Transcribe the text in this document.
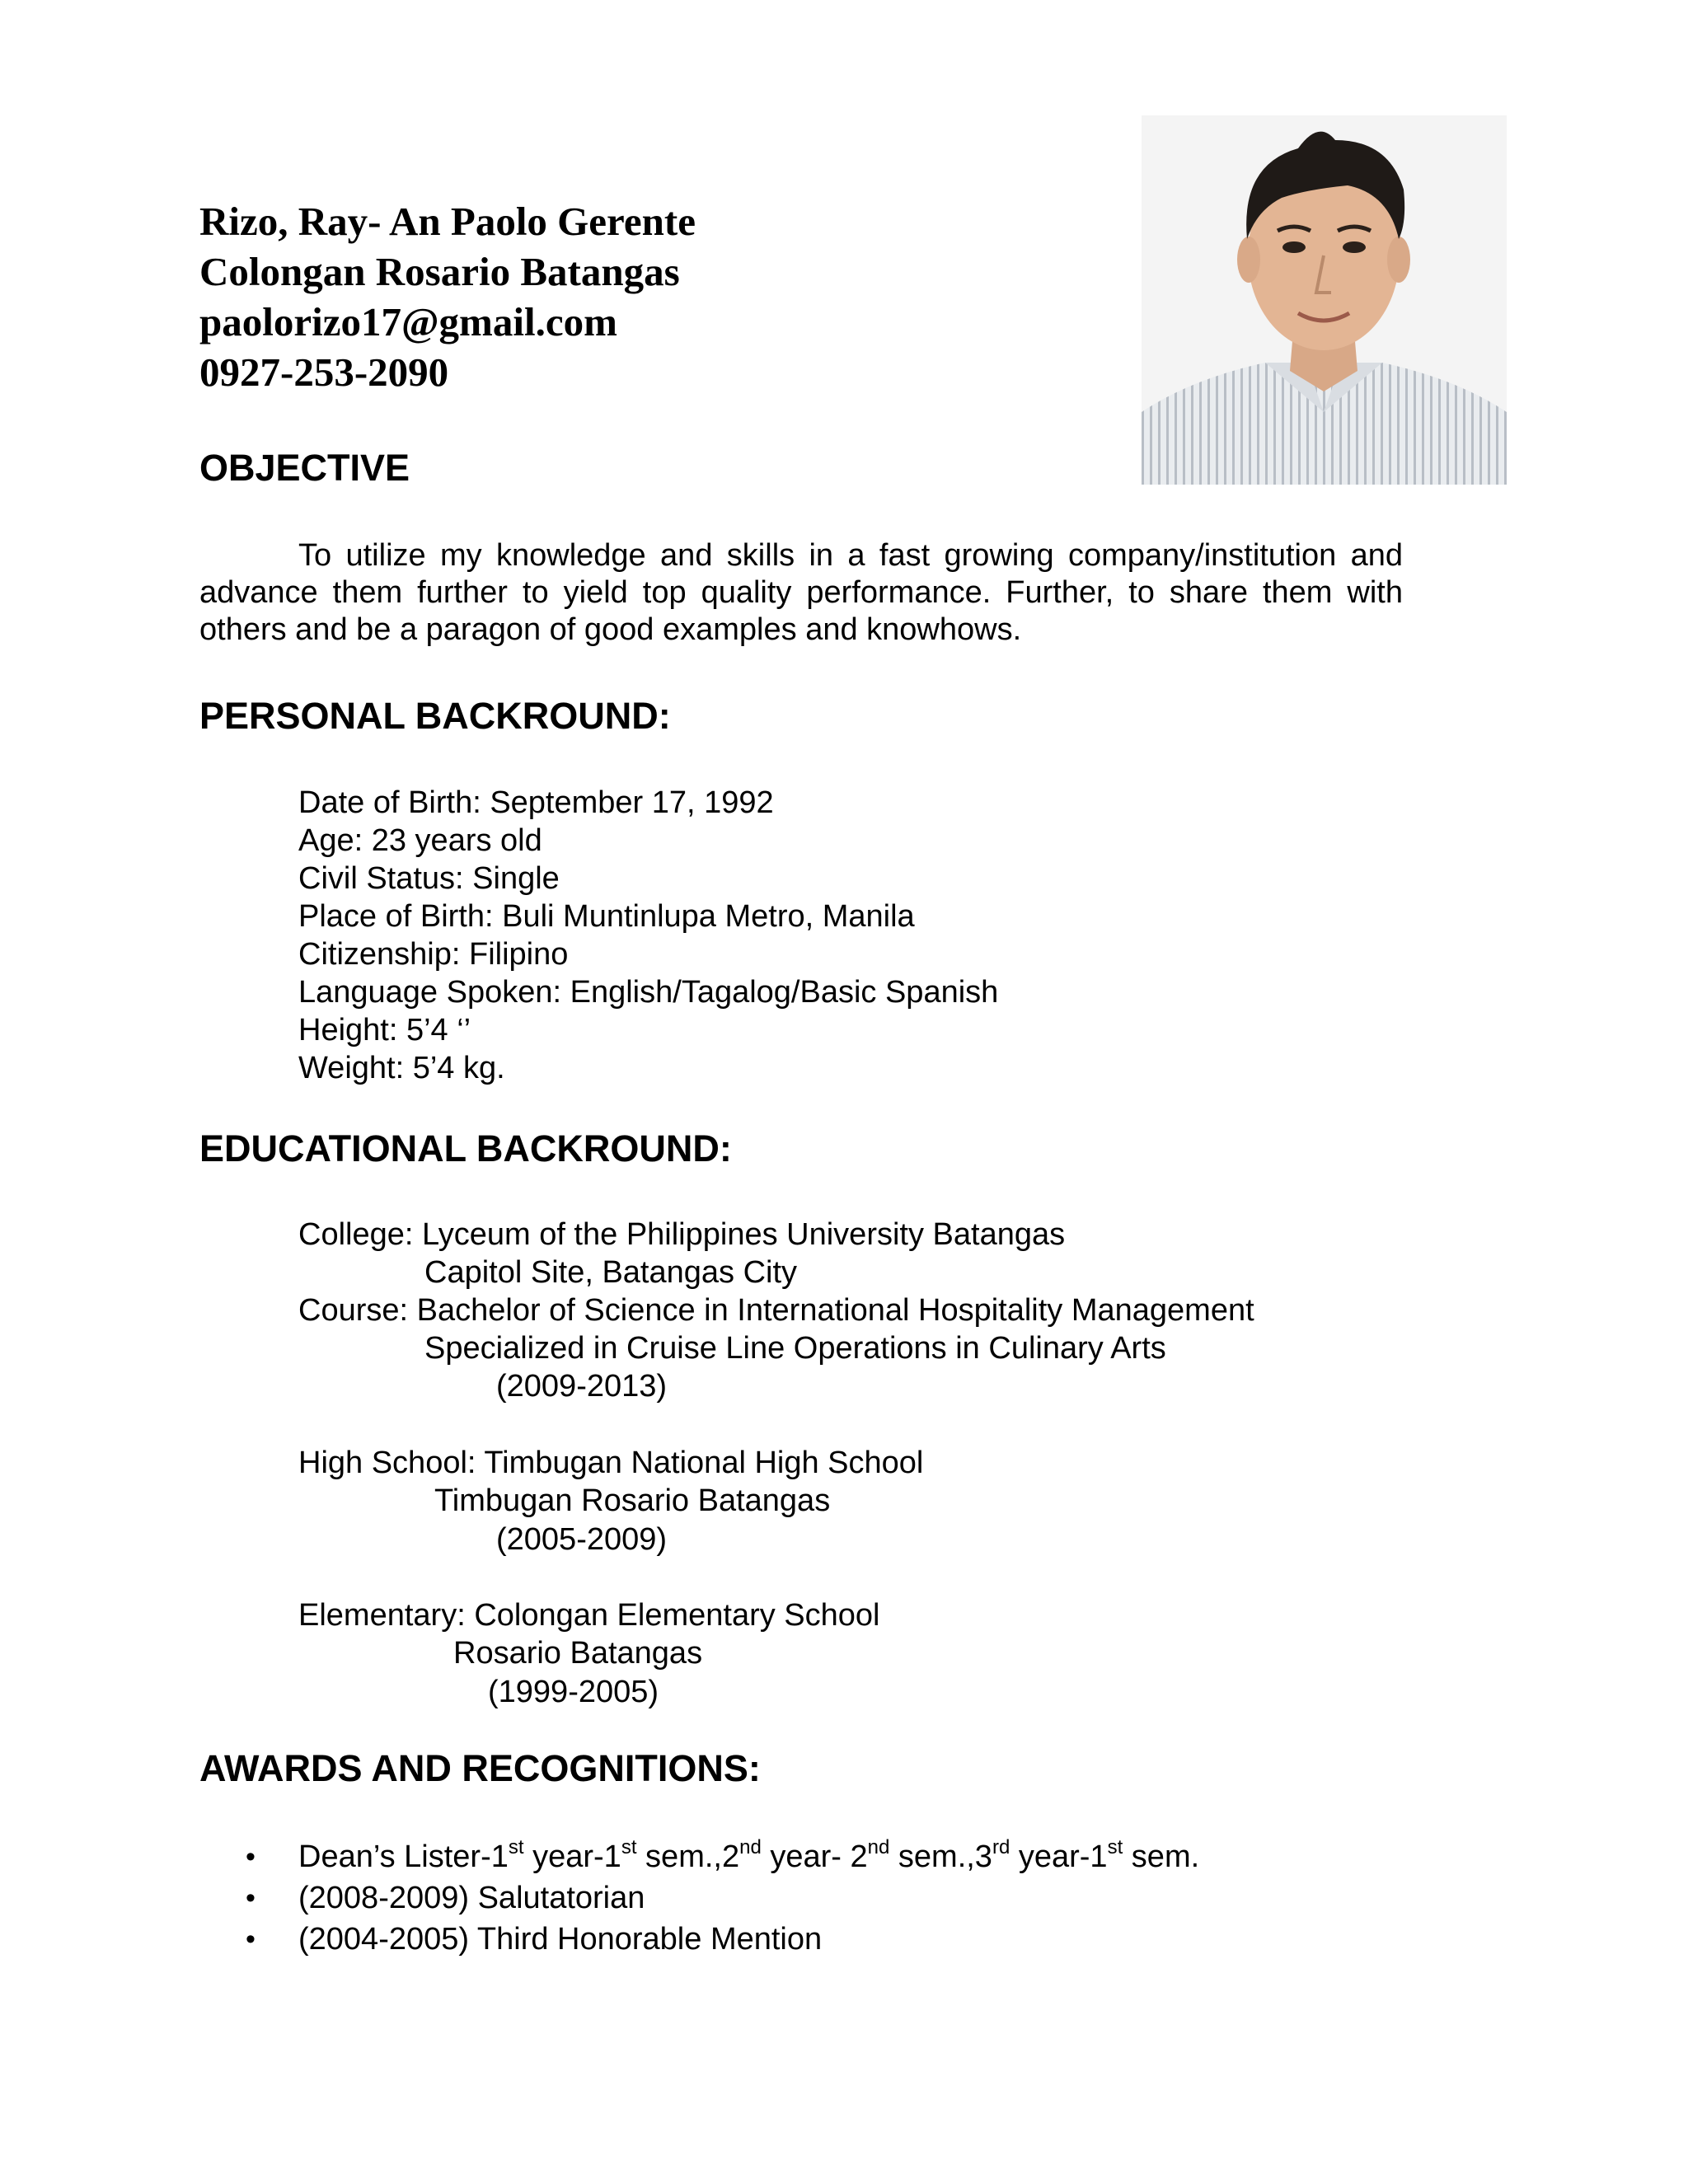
Rizo, Ray- An Paolo Gerente
Colongan Rosario Batangas
paolorizo17@gmail.com
0927-253-2090
OBJECTIVE
To utilize my knowledge and skills in a fast growing company/institution and advance them further to yield top quality performance. Further, to share them with others and be a paragon of good examples and knowhows.
PERSONAL BACKROUND:
Date of Birth: September 17, 1992
Age: 23 years old
Civil Status: Single
Place of Birth: Buli Muntinlupa Metro, Manila
Citizenship: Filipino
Language Spoken: English/Tagalog/Basic Spanish
Height: 5’4 ‘’
Weight: 5’4 kg.
EDUCATIONAL BACKROUND:
College: Lyceum of the Philippines University Batangas
Capitol Site, Batangas City
Course: Bachelor of Science in International Hospitality Management
Specialized in Cruise Line Operations in Culinary Arts
(2009-2013)
High School: Timbugan National High School
Timbugan Rosario Batangas
(2005-2009)
Elementary: Colongan Elementary School
Rosario Batangas
(1999-2005)
AWARDS AND RECOGNITIONS:
• Dean’s Lister-1st year-1st sem.,2nd year- 2nd sem.,3rd year-1st sem.
• (2008-2009) Salutatorian
• (2004-2005) Third Honorable Mention
